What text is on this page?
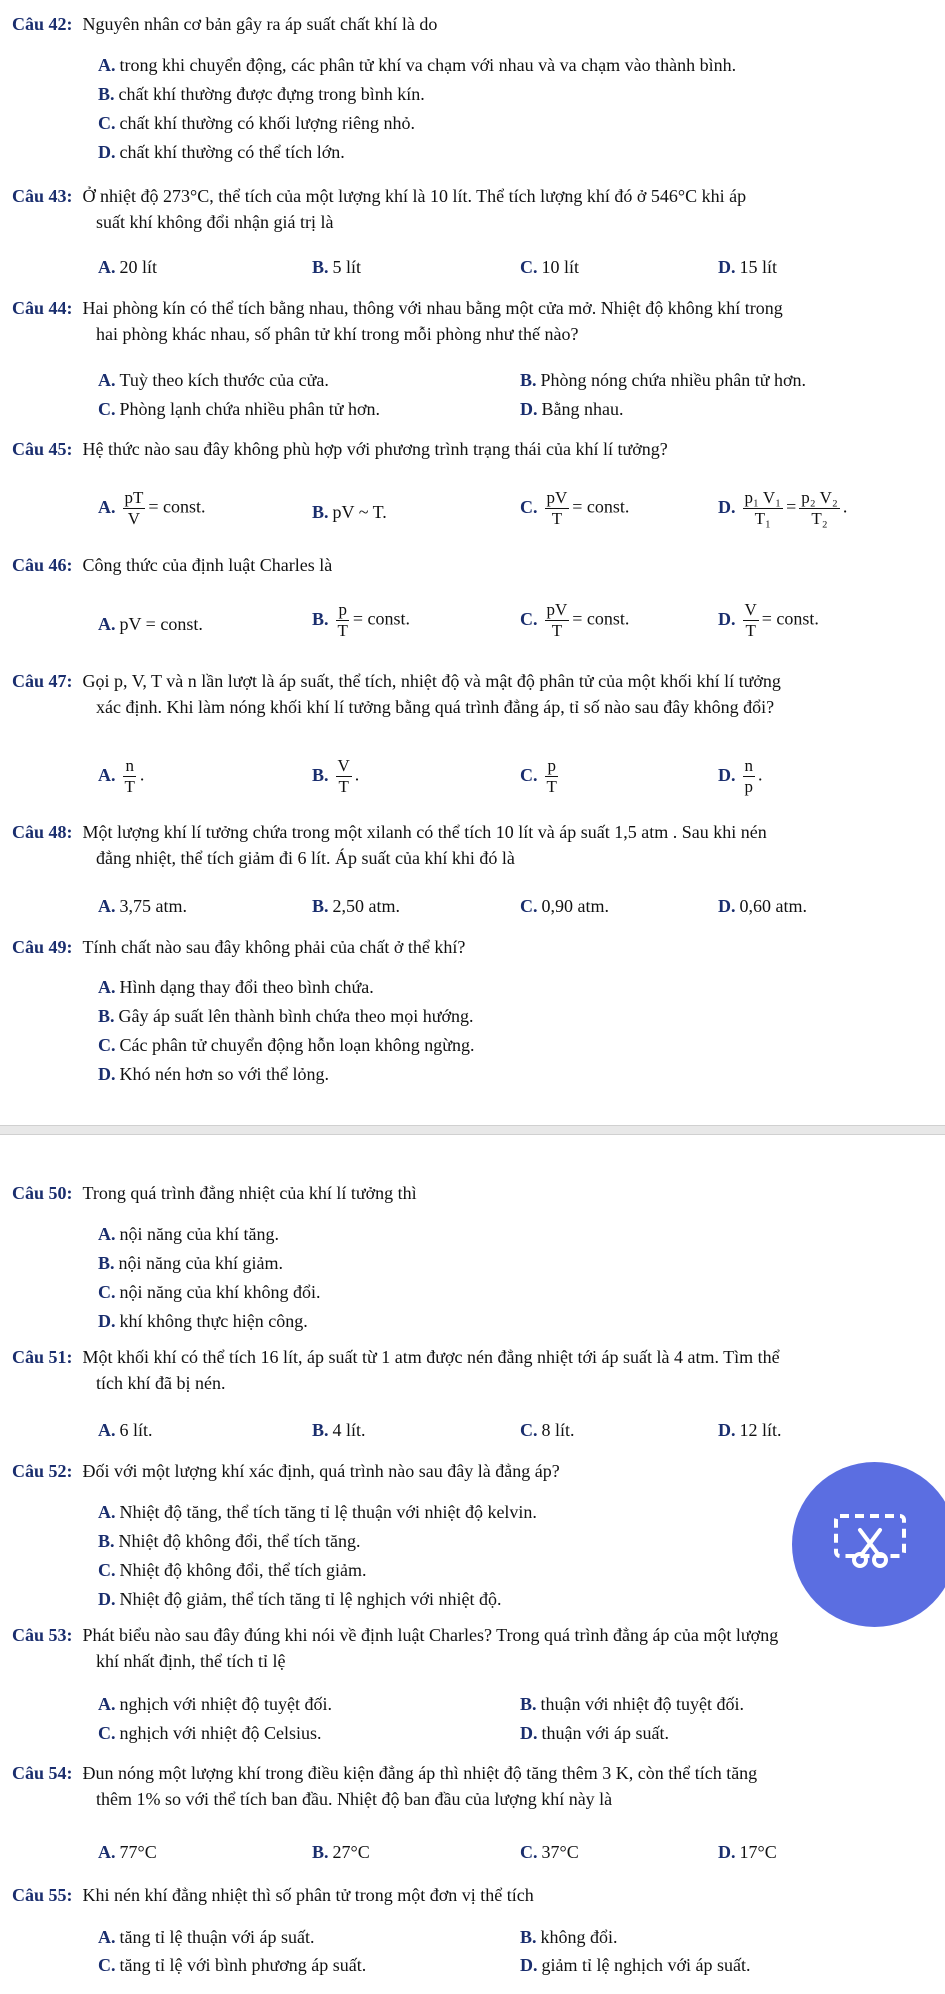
Câu 42: Nguyên nhân cơ bản gây ra áp suất chất khí là do
A. trong khi chuyển động, các phân tử khí va chạm với nhau và va chạm vào thành bình.
B. chất khí thường được đựng trong bình kín.
C. chất khí thường có khối lượng riêng nhỏ.
D. chất khí thường có thể tích lớn.
Câu 43: Ở nhiệt độ 273°C, thể tích của một lượng khí là 10 lít. Thể tích lượng khí đó ở 546°C khi áp
suất khí không đổi nhận giá trị là
A. 20 lít	B. 5 lít	C. 10 lít	D. 15 lít
Câu 44: Hai phòng kín có thể tích bằng nhau, thông với nhau bằng một cửa mở. Nhiệt độ không khí trong
hai phòng khác nhau, số phân tử khí trong mỗi phòng như thế nào?
A. Tuỳ theo kích thước của cửa.	B. Phòng nóng chứa nhiều phân tử hơn.
C. Phòng lạnh chứa nhiều phân tử hơn.	D. Bằng nhau.
Câu 45: Hệ thức nào sau đây không phù hợp với phương trình trạng thái của khí lí tưởng?
A. $\frac{pT}{V}$ = const.	B. pV ~ T.	C. $\frac{pV}{T}$ = const.	D. $\frac{\text{p₁ V₁}}{\text{T₁}} = \frac{\text{p₂ V₂}}{\text{T₂}}$ .
Câu 46: Công thức của định luật Charles là
A. pV = const.	B. $\frac{p}{T}$ = const.	C. $\frac{pV}{T}$ = const.	D. $\frac{V}{T}$ = const.
Câu 47: Gọi p, V, T và n lần lượt là áp suất, thể tích, nhiệt độ và mật độ phân tử của một khối khí lí tưởng
xác định. Khi làm nóng khối khí lí tưởng bằng quá trình đẳng áp, tỉ số nào sau đây không đổi?
A. $\frac{n}{T}$ .	B. $\frac{V}{T}$ .	C. $\frac{p}{T}$	D. $\frac{n}{p}$ .
Câu 48: Một lượng khí lí tưởng chứa trong một xilanh có thể tích 10 lít và áp suất 1,5 atm . Sau khi nén
đẳng nhiệt, thể tích giảm đi 6 lít. Áp suất của khí khi đó là
A. 3,75 atm.	B. 2,50 atm.	C. 0,90 atm.	D. 0,60 atm.
Câu 49: Tính chất nào sau đây không phải của chất ở thể khí?
A. Hình dạng thay đổi theo bình chứa.
B. Gây áp suất lên thành bình chứa theo mọi hướng.
C. Các phân tử chuyển động hỗn loạn không ngừng.
D. Khó nén hơn so với thể lỏng.
Câu 50: Trong quá trình đẳng nhiệt của khí lí tưởng thì
A. nội năng của khí tăng.
B. nội năng của khí giảm.
C. nội năng của khí không đổi.
D. khí không thực hiện công.
Câu 51: Một khối khí có thể tích 16 lít, áp suất từ 1 atm được nén đẳng nhiệt tới áp suất là 4 atm. Tìm thể
tích khí đã bị nén.
A. 6 lít.	B. 4 lít.	C. 8 lít.	D. 12 lít.
Câu 52: Đối với một lượng khí xác định, quá trình nào sau đây là đẳng áp?
A. Nhiệt độ tăng, thể tích tăng tỉ lệ thuận với nhiệt độ kelvin.
B. Nhiệt độ không đổi, thể tích tăng.
C. Nhiệt độ không đổi, thể tích giảm.
D. Nhiệt độ giảm, thể tích tăng tỉ lệ nghịch với nhiệt độ.
Câu 53: Phát biểu nào sau đây đúng khi nói về định luật Charles? Trong quá trình đẳng áp của một lượng
khí nhất định, thể tích tỉ lệ
A. nghịch với nhiệt độ tuyệt đối.	B. thuận với nhiệt độ tuyệt đối.
C. nghịch với nhiệt độ Celsius.	D. thuận với áp suất.
Câu 54: Đun nóng một lượng khí trong điều kiện đẳng áp thì nhiệt độ tăng thêm 3 K, còn thể tích tăng
thêm 1% so với thể tích ban đầu. Nhiệt độ ban đầu của lượng khí này là
A. 77°C	B. 27°C	C. 37°C	D. 17°C
Câu 55: Khi nén khí đẳng nhiệt thì số phân tử trong một đơn vị thể tích
A. tăng tỉ lệ thuận với áp suất.	B. không đổi.
C. tăng tỉ lệ với bình phương áp suất.	D. giảm tỉ lệ nghịch với áp suất.
